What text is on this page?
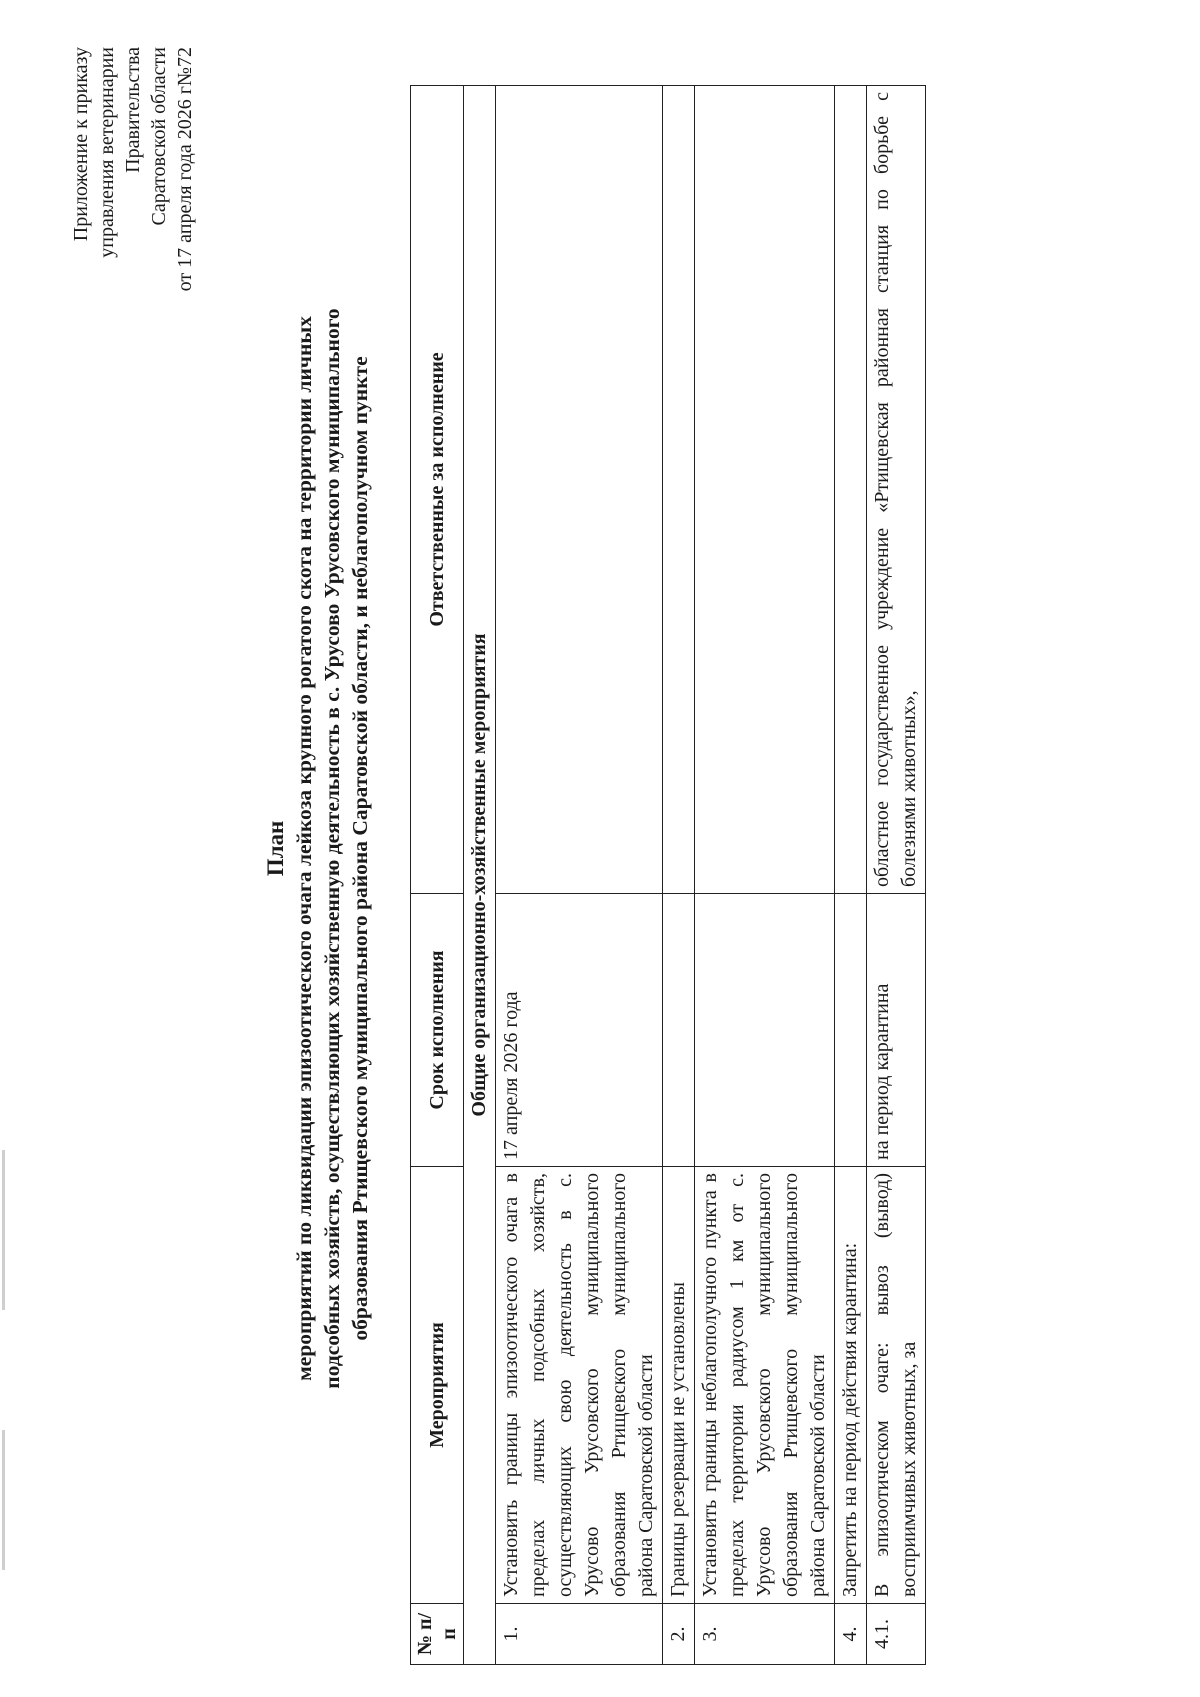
Приложение к приказу управления ветеринарии Правительства Саратовской области от 17 апреля года 2026 г№72
План мероприятий по ликвидации эпизоотического очага лейкоза крупного рогатого скота на территории личных подсобных хозяйств, осуществляющих хозяйственную деятельность в с. Урусово Урусовского муниципального образования Ртищевского муниципального района Саратовской области, и неблагополучном пункте
№ п/п	Мероприятия	Срок исполнения	Ответственные за исполнение
Общие организационно-хозяйственные мероприятия			
1.	Установить границы эпизоотического очага в пределах личных подсобных хозяйств, осуществляющих свою деятельность в с. Урусово Урусовского муниципального образования Ртищевского муниципального района Саратовской области	17 апреля 2026 года	
2.	Границы резервации не установлены		
3.	Установить границы неблагополучного пункта в пределах территории радиусом 1 км от с. Урусово Урусовского муниципального образования Ртищевского муниципального района Саратовской области		
4.	Запретить на период действия карантина:		
4.1.	В эпизоотическом очаге: вывоз (вывод) восприимчивых животных, за	на период карантина	областное государственное учреждение «Ртищевская районная станция по борьбе с болезнями животных»,
